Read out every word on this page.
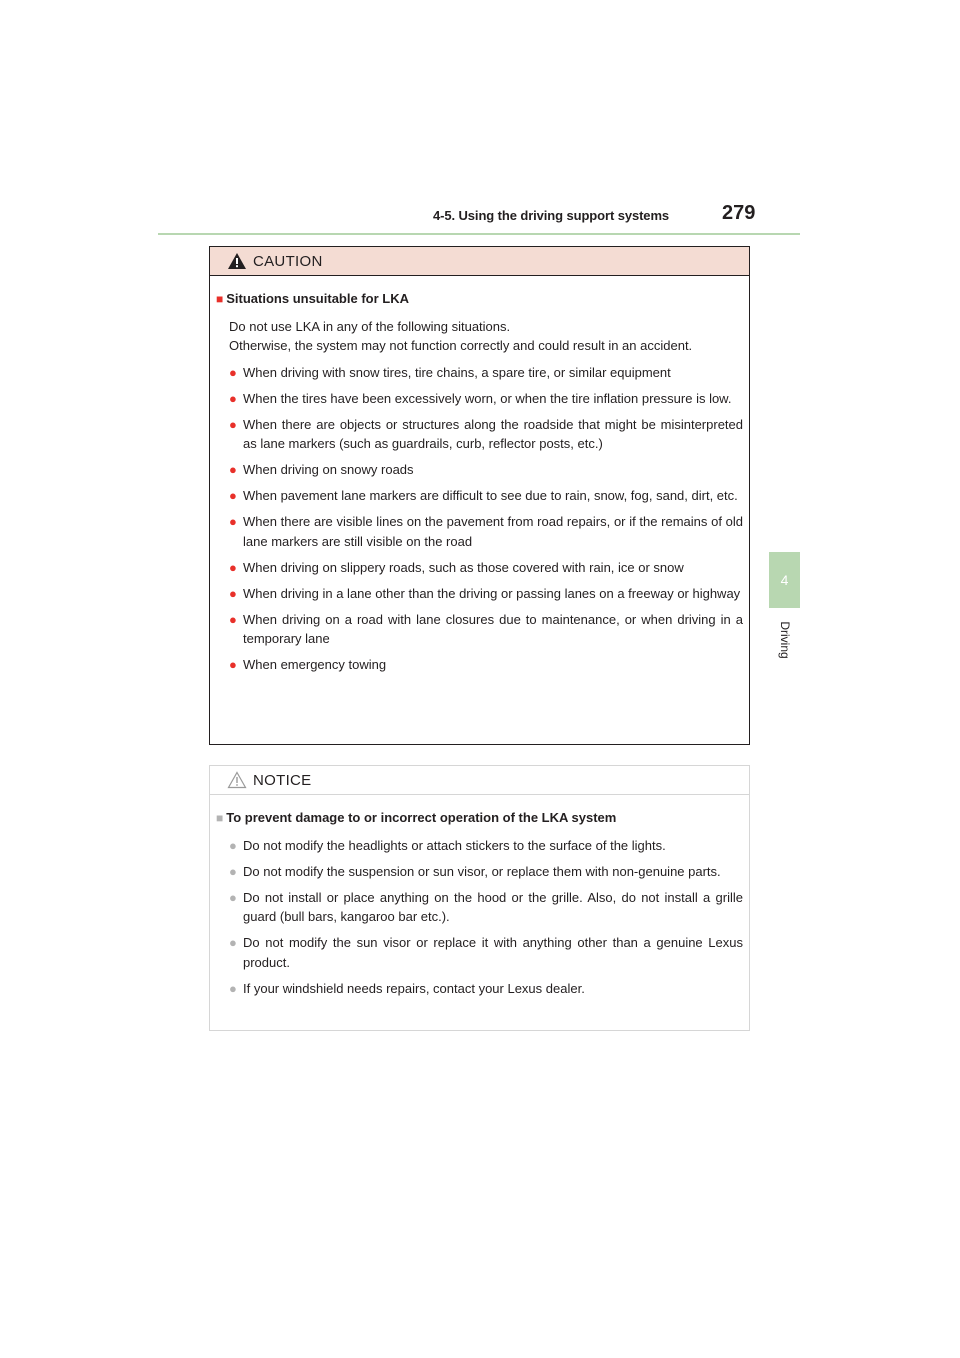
4-5. Using the driving support systems	279
4
Driving
CAUTION
■ Situations unsuitable for LKA
Do not use LKA in any of the following situations.
Otherwise, the system may not function correctly and could result in an accident.
● When driving with snow tires, tire chains, a spare tire, or similar equipment
● When the tires have been excessively worn, or when the tire inflation pressure is low.
● When there are objects or structures along the roadside that might be misinterpreted as lane markers (such as guardrails, curb, reflector posts, etc.)
● When driving on snowy roads
● When pavement lane markers are difficult to see due to rain, snow, fog, sand, dirt, etc.
● When there are visible lines on the pavement from road repairs, or if the remains of old lane markers are still visible on the road
● When driving on slippery roads, such as those covered with rain, ice or snow
● When driving in a lane other than the driving or passing lanes on a freeway or highway
● When driving on a road with lane closures due to maintenance, or when driving in a temporary lane
● When emergency towing
NOTICE
■ To prevent damage to or incorrect operation of the LKA system
● Do not modify the headlights or attach stickers to the surface of the lights.
● Do not modify the suspension or sun visor, or replace them with non-genuine parts.
● Do not install or place anything on the hood or the grille. Also, do not install a grille guard (bull bars, kangaroo bar etc.).
● Do not modify the sun visor or replace it with anything other than a genuine Lexus product.
● If your windshield needs repairs, contact your Lexus dealer.
